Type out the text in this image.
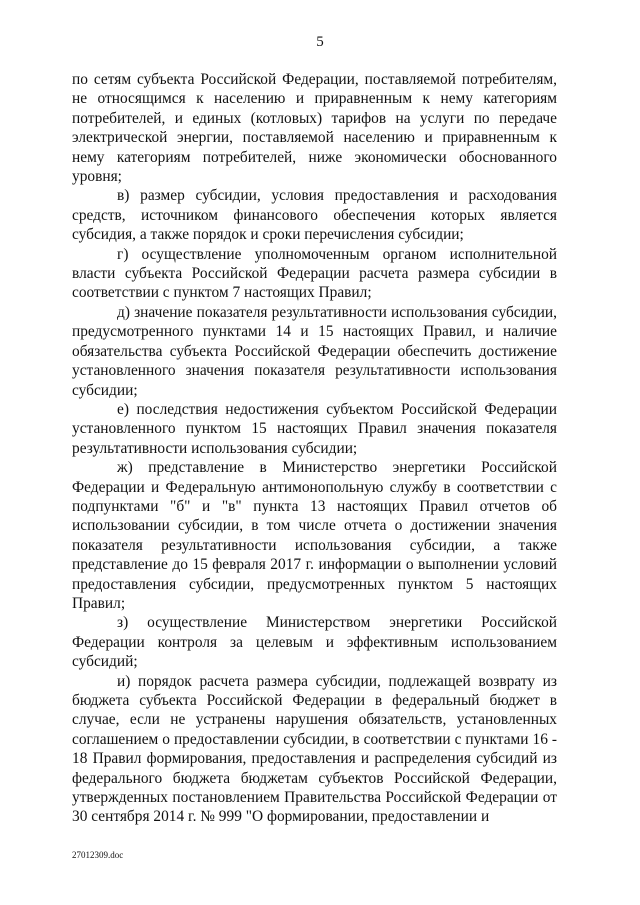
5

по сетям субъекта Российской Федерации, поставляемой потребителям, не относящимся к населению и приравненным к нему категориям потребителей, и единых (котловых) тарифов на услуги по передаче электрической энергии, поставляемой населению и приравненным к нему категориям потребителей, ниже экономически обоснованного уровня;

в) размер субсидии, условия предоставления и расходования средств, источником финансового обеспечения которых является субсидия, а также порядок и сроки перечисления субсидии;

г) осуществление уполномоченным органом исполнительной власти субъекта Российской Федерации расчета размера субсидии в соответствии с пунктом 7 настоящих Правил;

д) значение показателя результативности использования субсидии, предусмотренного пунктами 14 и 15 настоящих Правил, и наличие обязательства субъекта Российской Федерации обеспечить достижение установленного значения показателя результативности использования субсидии;

е) последствия недостижения субъектом Российской Федерации установленного пунктом 15 настоящих Правил значения показателя результативности использования субсидии;

ж) представление в Министерство энергетики Российской Федерации и Федеральную антимонопольную службу в соответствии с подпунктами "б" и "в" пункта 13 настоящих Правил отчетов об использовании субсидии, в том числе отчета о достижении значения показателя результативности использования субсидии, а также представление до 15 февраля 2017 г. информации о выполнении условий предоставления субсидии, предусмотренных пунктом 5 настоящих Правил;

з) осуществление Министерством энергетики Российской Федерации контроля за целевым и эффективным использованием субсидий;

и) порядок расчета размера субсидии, подлежащей возврату из бюджета субъекта Российской Федерации в федеральный бюджет в случае, если не устранены нарушения обязательств, установленных соглашением о предоставлении субсидии, в соответствии с пунктами 16 - 18 Правил формирования, предоставления и распределения субсидий из федерального бюджета бюджетам субъектов Российской Федерации, утвержденных постановлением Правительства Российской Федерации от 30 сентября 2014 г. № 999 "О формировании, предоставлении и

27012309.doc
